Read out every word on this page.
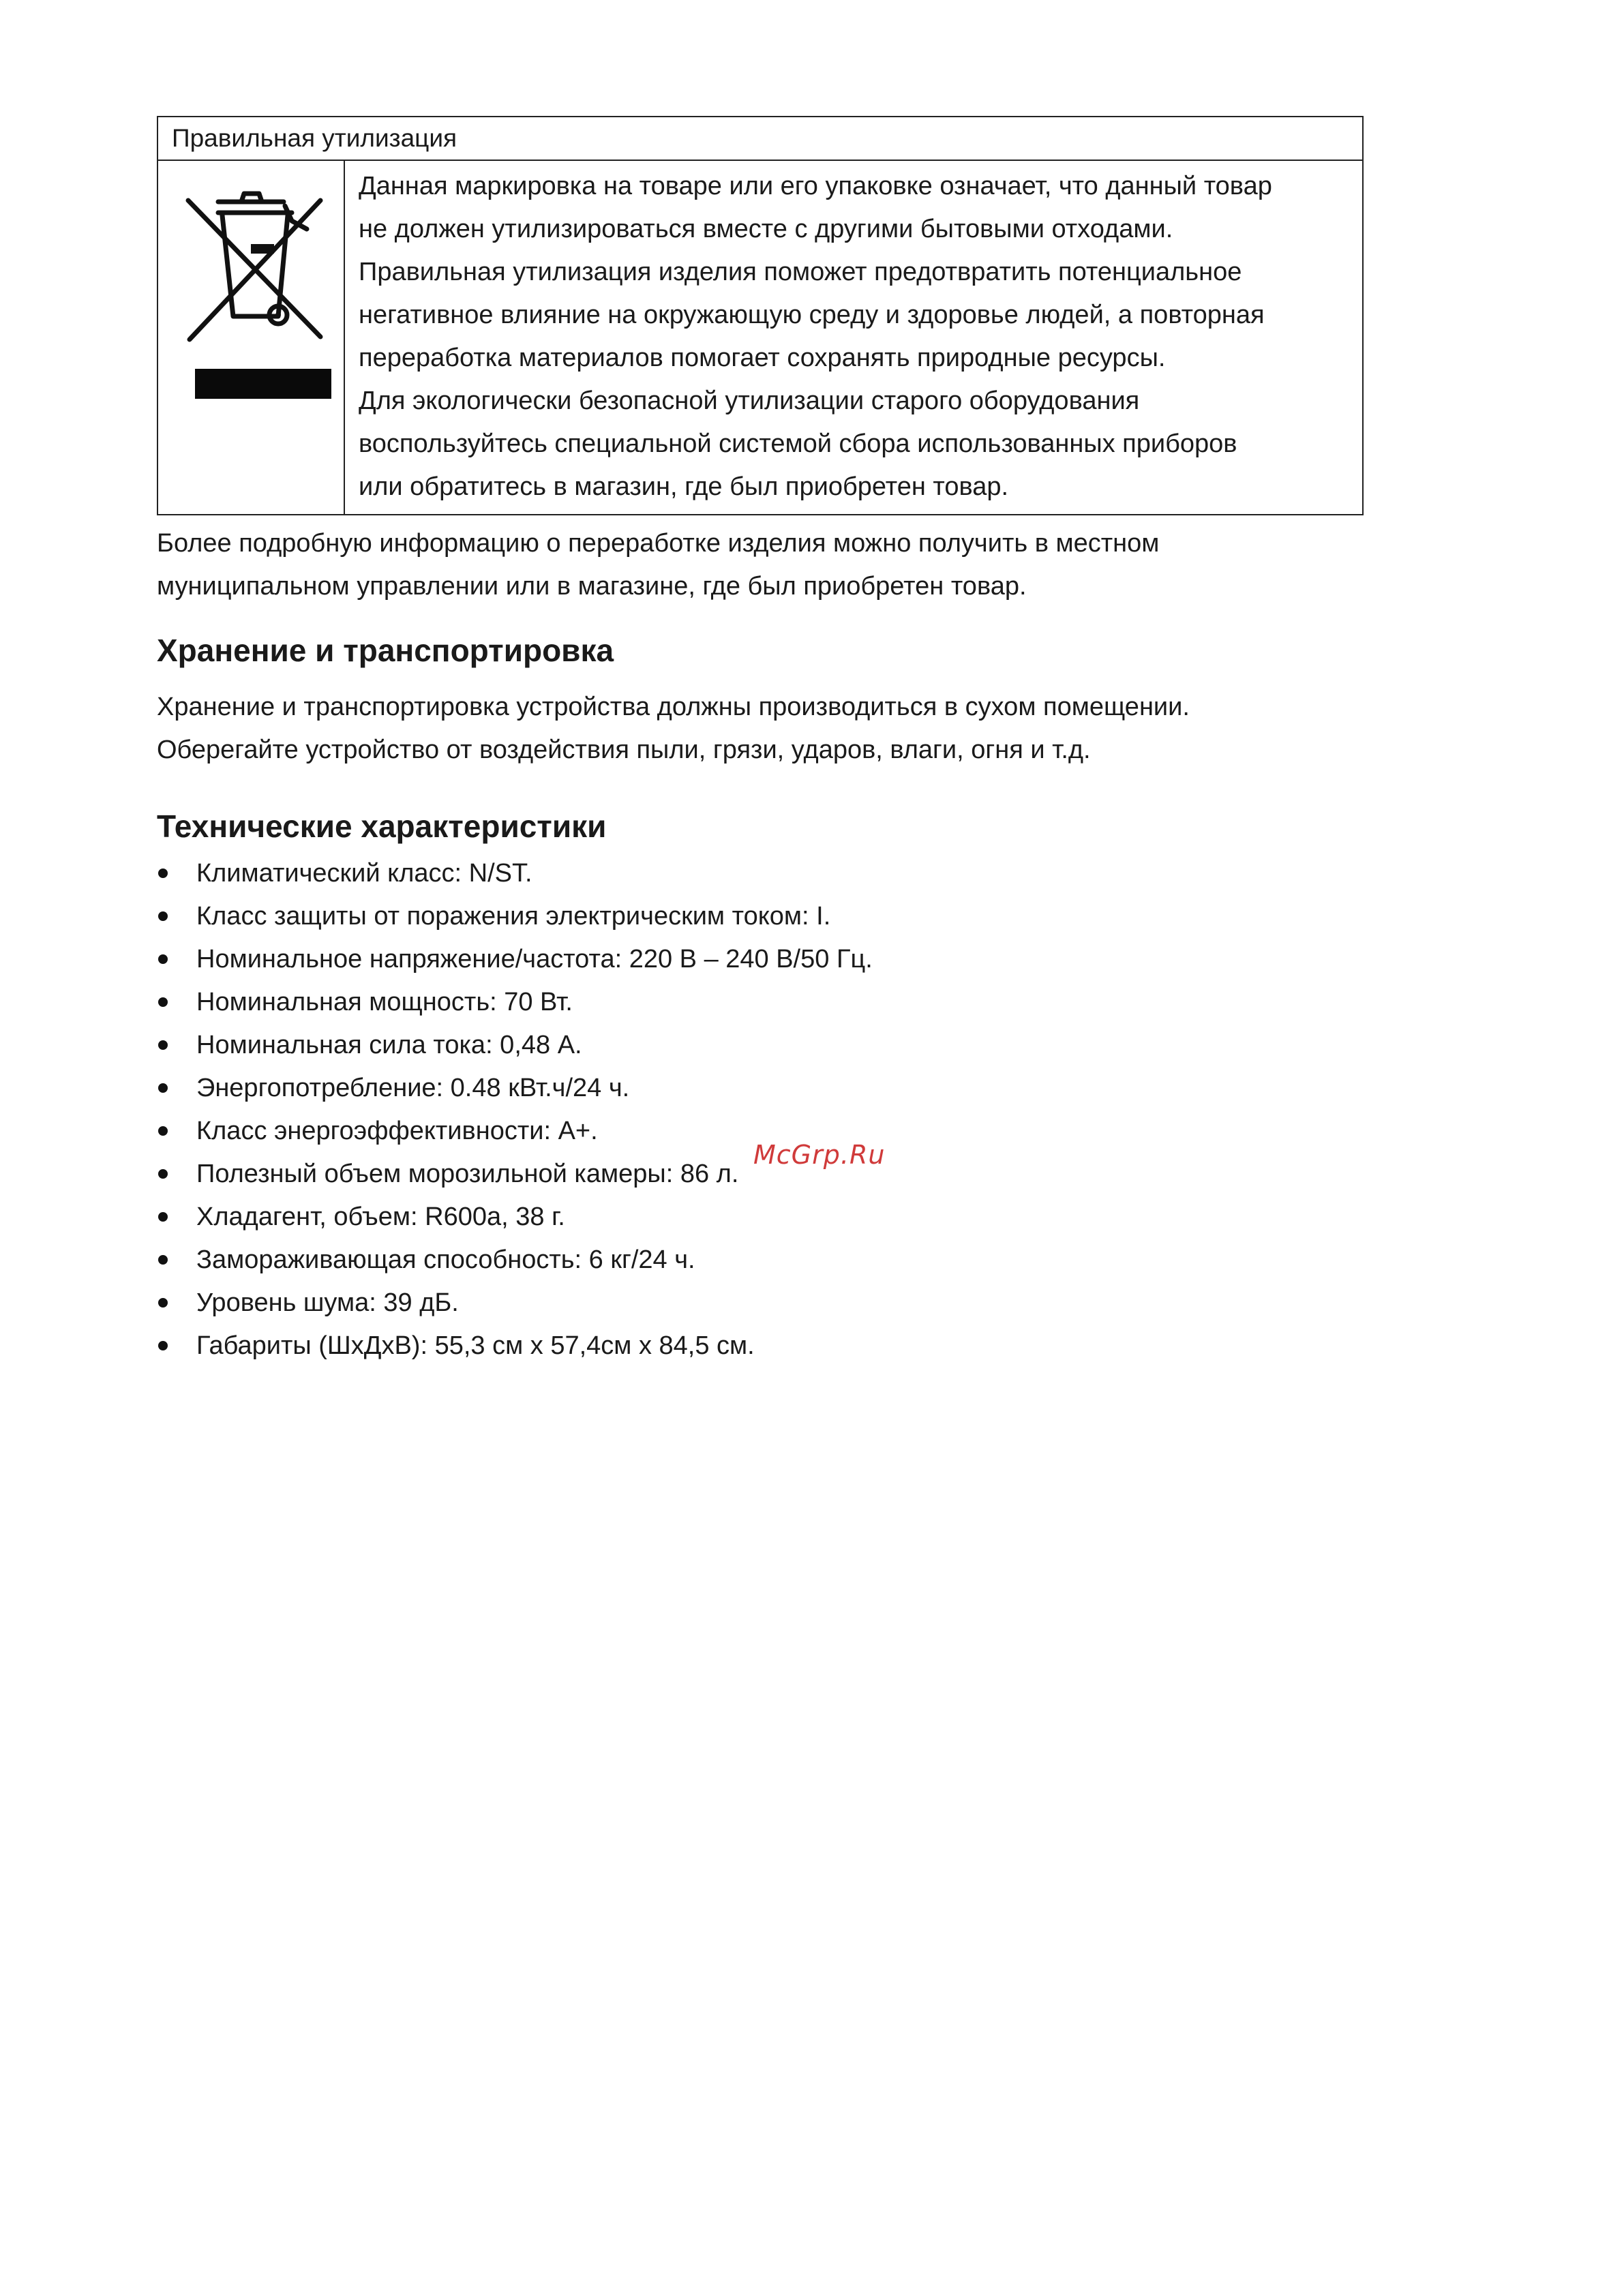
Правильная утилизация

Данная маркировка на товаре или его упаковке означает, что данный товар

не должен утилизироваться вместе с другими бытовыми отходами.

Правильная утилизация изделия поможет предотвратить потенциальное

негативное влияние на окружающую среду и здоровье людей, а повторная

переработка материалов помогает сохранять природные ресурсы.

Для экологически безопасной утилизации старого оборудования

воспользуйтесь специальной системой сбора использованных приборов

или обратитесь в магазин, где был приобретен товар.

Более подробную информацию о переработке изделия можно получить в местном

муниципальном управлении или в магазине, где был приобретен товар.

Хранение и транспортировка

Хранение и транспортировка устройства должны производиться в сухом помещении.

Оберегайте устройство от воздействия пыли, грязи, ударов, влаги, огня и т.д.

Технические характеристики
Климатический класс: N/ST.
Класс защиты от поражения электрическим током: I.
Номинальное напряжение/частота: 220 В – 240 В/50 Гц.
Номинальная мощность: 70 Вт.
Номинальная сила тока: 0,48 А.
Энергопотребление: 0.48 кВт.ч/24 ч.
Класс энергоэффективности: А+.
Полезный объем морозильной камеры: 86 л.
Хладагент, объем: R600a, 38 г.
Замораживающая способность: 6 кг/24 ч.
Уровень шума: 39 дБ.
Габариты (ШхДхВ): 55,3 см х 57,4см х 84,5 см.
McGrp.Ru
